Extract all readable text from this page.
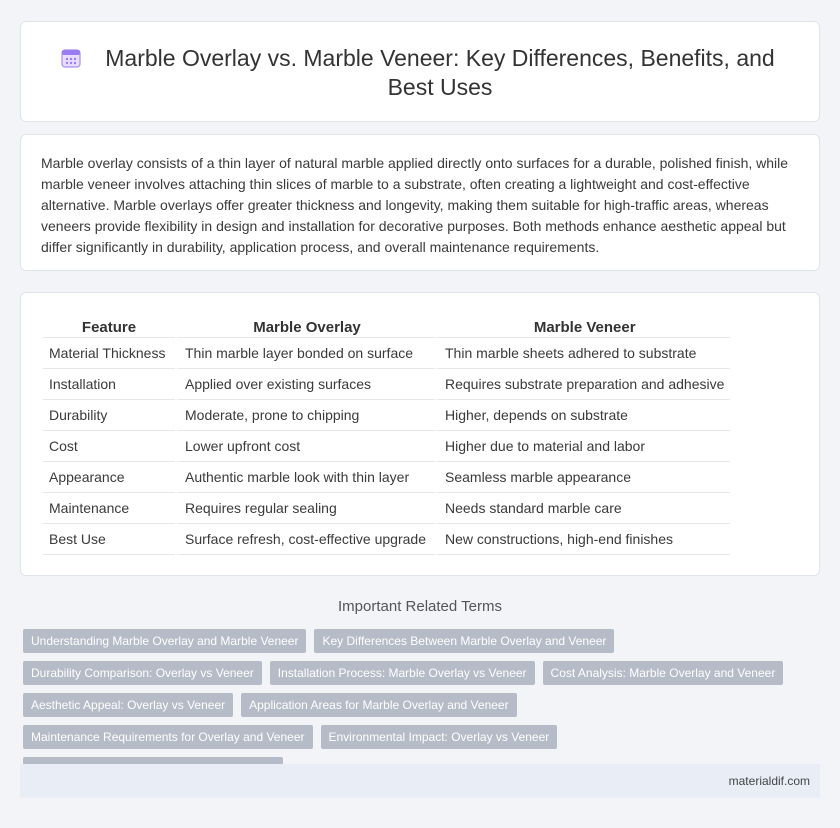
Marble Overlay vs. Marble Veneer: Key Differences, Benefits, and Best Uses

Marble overlay consists of a thin layer of natural marble applied directly onto surfaces for a durable, polished finish, while marble veneer involves attaching thin slices of marble to a substrate, often creating a lightweight and cost-effective alternative. Marble overlays offer greater thickness and longevity, making them suitable for high-traffic areas, whereas veneers provide flexibility in design and installation for decorative purposes. Both methods enhance aesthetic appeal but differ significantly in durability, application process, and overall maintenance requirements.

Feature	Marble Overlay	Marble Veneer
Material Thickness	Thin marble layer bonded on surface	Thin marble sheets adhered to substrate
Installation	Applied over existing surfaces	Requires substrate preparation and adhesive
Durability	Moderate, prone to chipping	Higher, depends on substrate
Cost	Lower upfront cost	Higher due to material and labor
Appearance	Authentic marble look with thin layer	Seamless marble appearance
Maintenance	Requires regular sealing	Needs standard marble care
Best Use	Surface refresh, cost-effective upgrade	New constructions, high-end finishes
Important Related Terms
Understanding Marble Overlay and Marble Veneer	Key Differences Between Marble Overlay and Veneer
Durability Comparison: Overlay vs Veneer	Installation Process: Marble Overlay vs Veneer	Cost Analysis: Marble Overlay and Veneer
Aesthetic Appeal: Overlay vs Veneer	Application Areas for Marble Overlay and Veneer
Maintenance Requirements for Overlay and Veneer	Environmental Impact: Overlay vs Veneer
materialdif.com
